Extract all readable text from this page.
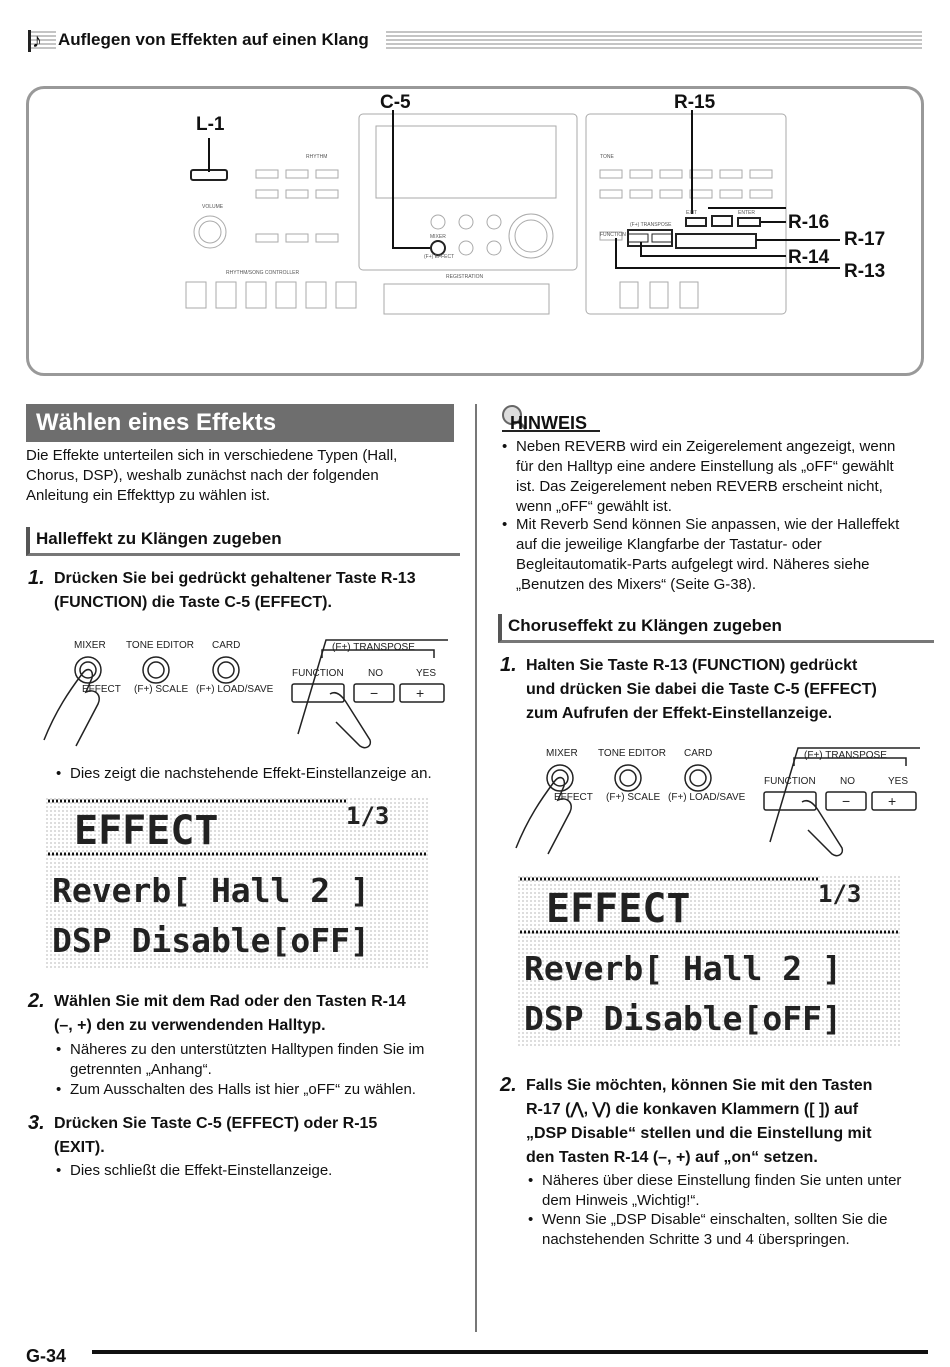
♪ Auflegen von Effekten auf einen Klang
RHYTHM	TONE
VOLUME
REGISTRATION
RHYTHM/SONG CONTROLLER
FUNCTION
(F+) TRANSPOSE
EXIT	ENTER
MIXER
(F+) EFFECT
L-1
C-5	R-15
R-16
R-17
R-14
R-13
Wählen eines Effekts
Die Effekte unterteilen sich in verschiedene Typen (Hall,
Chorus, DSP), weshalb zunächst nach der folgenden
Anleitung ein Effekttyp zu wählen ist.
Halleffekt zu Klängen zugeben
1. Drücken Sie bei gedrückt gehaltener Taste R-13
(FUNCTION) die Taste C-5 (EFFECT).
MIXER TONE EDITOR CARD
EFFECT (F+) SCALE (F+) LOAD/SAVE
(F+) TRANSPOSE
FUNCTION NO	YES
−	+
• Dies zeigt die nachstehende Effekt-Einstellanzeige an.
EFFECT	1/3
Reverb[ Hall 2 ]
DSP Disable[oFF]
2. Wählen Sie mit dem Rad oder den Tasten R-14
(–, +) den zu verwendenden Halltyp.
• Näheres zu den unterstützten Halltypen finden Sie im
getrennten „Anhang“.
• Zum Ausschalten des Halls ist hier „oFF“ zu wählen.
3. Drücken Sie Taste C-5 (EFFECT) oder R-15
(EXIT).
• Dies schließt die Effekt-Einstellanzeige.
HINWEIS
• Neben REVERB wird ein Zeigerelement angezeigt, wenn
für den Halltyp eine andere Einstellung als „oFF“ gewählt
ist. Das Zeigerelement neben REVERB erscheint nicht,
wenn „oFF“ gewählt ist.
• Mit Reverb Send können Sie anpassen, wie der Halleffekt
auf die jeweilige Klangfarbe der Tastatur- oder
Begleitautomatik-Parts aufgelegt wird. Näheres siehe
„Benutzen des Mixers“ (Seite G-38).
Choruseffekt zu Klängen zugeben
1. Halten Sie Taste R-13 (FUNCTION) gedrückt
und drücken Sie dabei die Taste C-5 (EFFECT)
zum Aufrufen der Effekt-Einstellanzeige.
MIXER TONE EDITOR CARD
EFFECT (F+) SCALE (F+) LOAD/SAVE
(F+) TRANSPOSE
FUNCTION NO	YES
−	+
EFFECT	1/3
Reverb[ Hall 2 ]
DSP Disable[oFF]
2. Falls Sie möchten, können Sie mit den Tasten
R-17 (⋀, ⋁) die konkaven Klammern ([ ]) auf
„DSP Disable“ stellen und die Einstellung mit
den Tasten R-14 (–, +) auf „on“ setzen.
• Näheres über diese Einstellung finden Sie unten unter
dem Hinweis „Wichtig!“.
• Wenn Sie „DSP Disable“ einschalten, sollten Sie die
nachstehenden Schritte 3 und 4 überspringen.
G-34
